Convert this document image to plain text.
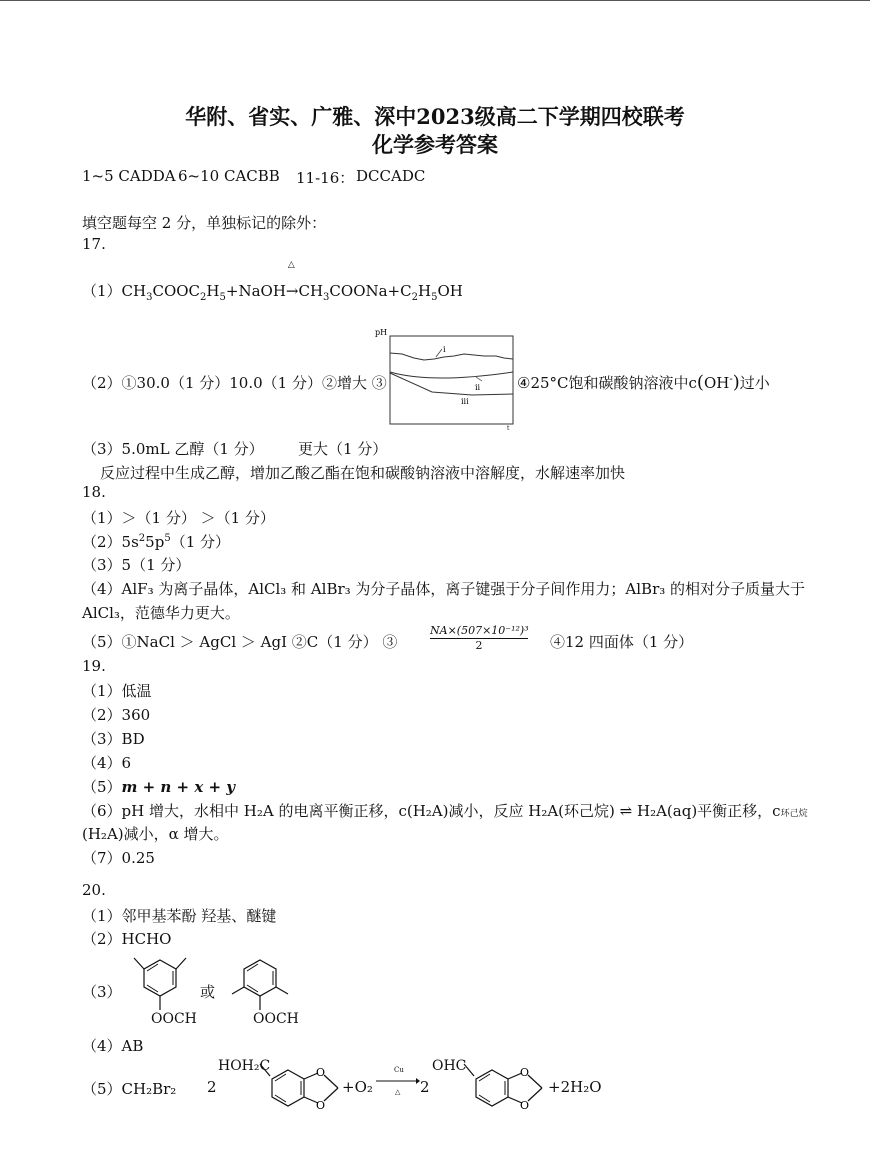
华附、省实、广雅、深中2023级高二下学期四校联考
化学参考答案
1~5 CADDA 6~10 CACBB 11-16： DCCADC
填空题每空 2 分，单独标记的除外：
17.
$(1)CH_3COOC_2H_5+NaOH$
△
$\to CH_3COONa+C_2H_5OH$
pH
i
ii
iii
t
（2）①30.0（1 分）10.0（1 分）②增大 ③	④25°C饱和碳酸钠溶液中c(OH-)过小
（3）5.0mL 乙醇（1 分） 更大（1 分）
反应过程中生成乙醇，增加乙酸乙酯在饱和碳酸钠溶液中溶解度，水解速率加快
18.
（1）＞（1 分） ＞（1 分）
$(2)5s^25p^5(1$ 分）
（3）5（1 分）
（4）AlF₃ 为离子晶体，AlCl₃ 和 AlBr₃ 为分子晶体，离子键强于分子间作用力；AlBr₃ 的相对分子质量大于
AlCl₃，范德华力更大。
（5）①NaCl ＞ AgCl ＞ AgI ②C（1 分） ③	$\frac{\text{NA×(507×10⁻¹²)³}}{2}$ ④12 四面体（1 分）
19.
（1）低温
（2）360
（3）BD
（4）6
（5）m + n + x + y
（6）pH 增大，水相中 H₂A 的电离平衡正移，c(H₂A)减小，反应 H₂A(环己烷) ⇌ H₂A(aq)平衡正移，c环己烷
(H₂A)减小，α 增大。
（7）0.25
20.
（1）邻甲基苯酚 羟基、醚键
（2）HCHO
（3）
OOCH
或
OOCH
（4）AB
（5）CH₂Br₂ 2
HOH₂C	O
O
+O₂
Cu
△ 2
OHC	O
O
+2H₂O
